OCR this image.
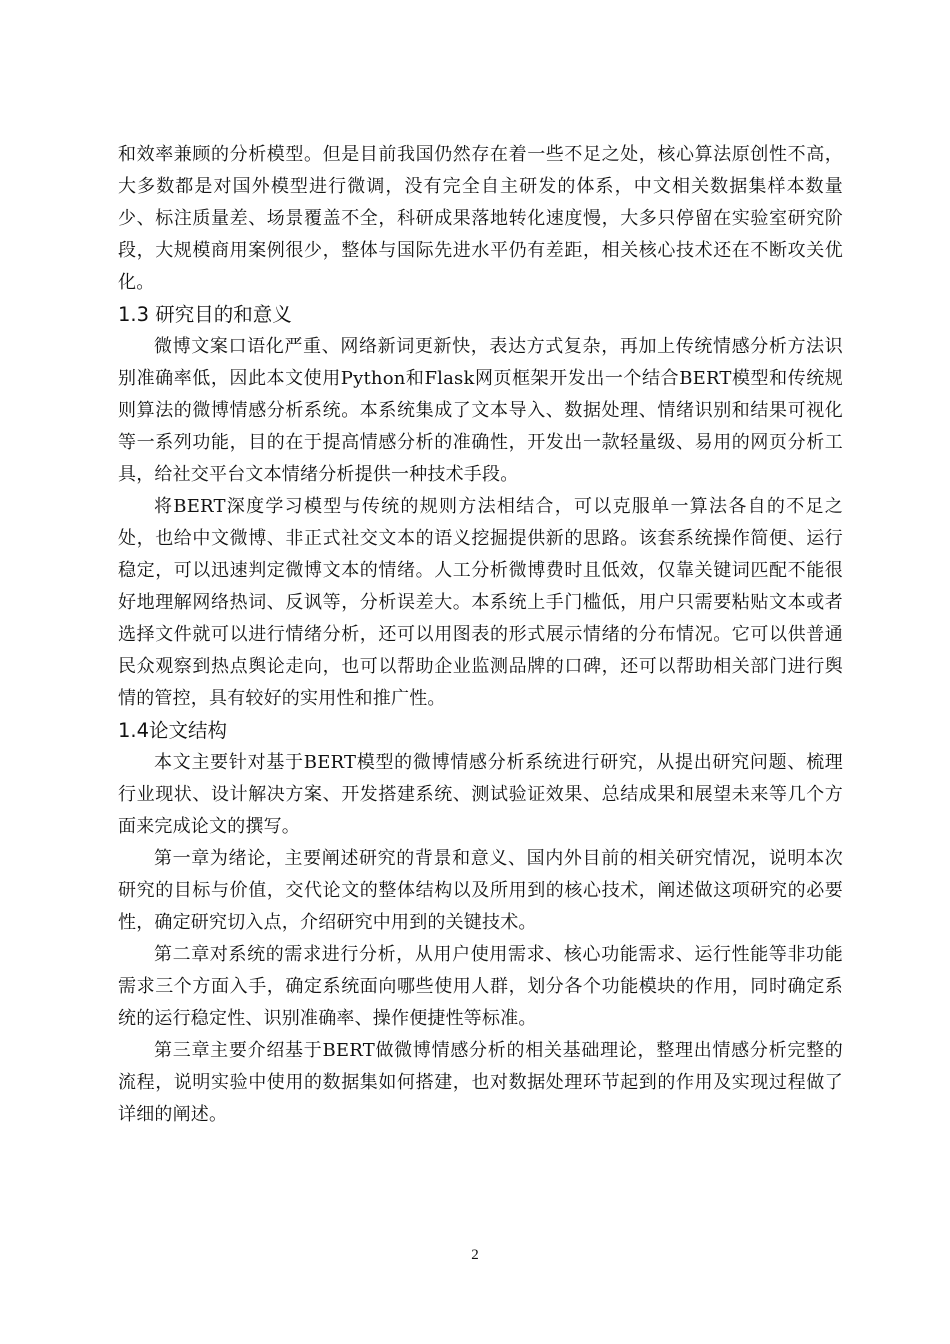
和效率兼顾的分析模型。但是目前我国仍然存在着一些不足之处，核心算法原创性不高，大多数都是对国外模型进行微调，没有完全自主研发的体系，中文相关数据集样本数量少、标注质量差、场景覆盖不全，科研成果落地转化速度慢，大多只停留在实验室研究阶段，大规模商用案例很少，整体与国际先进水平仍有差距，相关核心技术还在不断攻关优化。

1.3 研究目的和意义

微博文案口语化严重、网络新词更新快，表达方式复杂，再加上传统情感分析方法识别准确率低，因此本文使用Python和Flask网页框架开发出一个结合BERT模型和传统规则算法的微博情感分析系统。本系统集成了文本导入、数据处理、情绪识别和结果可视化等一系列功能，目的在于提高情感分析的准确性，开发出一款轻量级、易用的网页分析工具，给社交平台文本情绪分析提供一种技术手段。

将BERT深度学习模型与传统的规则方法相结合，可以克服单一算法各自的不足之处，也给中文微博、非正式社交文本的语义挖掘提供新的思路。该套系统操作简便、运行稳定，可以迅速判定微博文本的情绪。人工分析微博费时且低效，仅靠关键词匹配不能很好地理解网络热词、反讽等，分析误差大。本系统上手门槛低，用户只需要粘贴文本或者选择文件就可以进行情绪分析，还可以用图表的形式展示情绪的分布情况。它可以供普通民众观察到热点舆论走向，也可以帮助企业监测品牌的口碑，还可以帮助相关部门进行舆情的管控，具有较好的实用性和推广性。

1.4论文结构

本文主要针对基于BERT模型的微博情感分析系统进行研究，从提出研究问题、梳理行业现状、设计解决方案、开发搭建系统、测试验证效果、总结成果和展望未来等几个方面来完成论文的撰写。

第一章为绪论，主要阐述研究的背景和意义、国内外目前的相关研究情况，说明本次研究的目标与价值，交代论文的整体结构以及所用到的核心技术，阐述做这项研究的必要性，确定研究切入点，介绍研究中用到的关键技术。

第二章对系统的需求进行分析，从用户使用需求、核心功能需求、运行性能等非功能需求三个方面入手，确定系统面向哪些使用人群，划分各个功能模块的作用，同时确定系统的运行稳定性、识别准确率、操作便捷性等标准。

第三章主要介绍基于BERT做微博情感分析的相关基础理论，整理出情感分析完整的流程，说明实验中使用的数据集如何搭建，也对数据处理环节起到的作用及实现过程做了详细的阐述。

2
